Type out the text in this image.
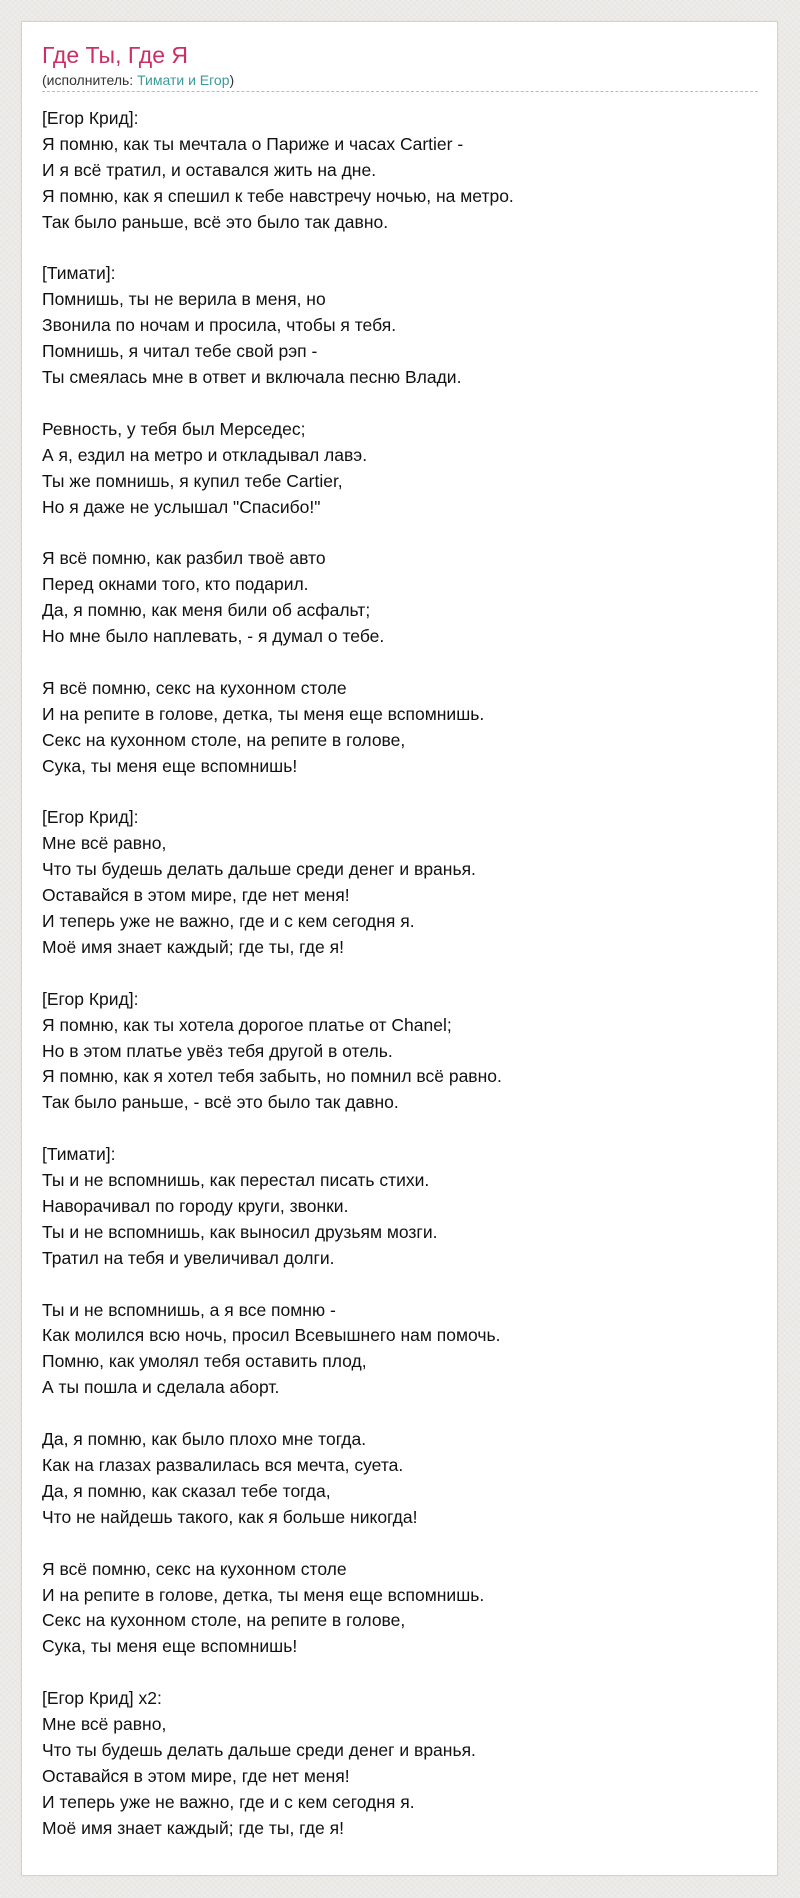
Где Ты, Где Я
(исполнитель: Тимати и Егор)
[Егор Крид]:
Я помню, как ты мечтала о Париже и часах Cartier -
И я всё тратил, и оставался жить на дне.
Я помню, как я спешил к тебе навстречу ночью, на метро.
Так было раньше, всё это было так давно.
[Тимати]:
Помнишь, ты не верила в меня, но
Звонила по ночам и просила, чтобы я тебя.
Помнишь, я читал тебе свой рэп -
Ты смеялась мне в ответ и включала песню Влади.
Ревность, у тебя был Мерседес;
А я, ездил на метро и откладывал лавэ.
Ты же помнишь, я купил тебе Cartier,
Но я даже не услышал "Спасибо!"
Я всё помню, как разбил твоё авто
Перед окнами того, кто подарил.
Да, я помню, как меня били об асфальт;
Но мне было наплевать, - я думал о тебе.
Я всё помню, секс на кухонном столе
И на репите в голове, детка, ты меня еще вспомнишь.
Секс на кухонном столе, на репите в голове,
Сука, ты меня еще вспомнишь!
[Егор Крид]:
Мне всё равно,
Что ты будешь делать дальше среди денег и вранья.
Оставайся в этом мире, где нет меня!
И теперь уже не важно, где и с кем сегодня я.
Моё имя знает каждый; где ты, где я!
[Егор Крид]:
Я помню, как ты хотела дорогое платье от Chanel;
Но в этом платье увёз тебя другой в отель.
Я помню, как я хотел тебя забыть, но помнил всё равно.
Так было раньше, - всё это было так давно.
[Тимати]:
Ты и не вспомнишь, как перестал писать стихи.
Наворачивал по городу круги, звонки.
Ты и не вспомнишь, как выносил друзьям мозги.
Тратил на тебя и увеличивал долги.
Ты и не вспомнишь, а я все помню -
Как молился всю ночь, просил Всевышнего нам помочь.
Помню, как умолял тебя оставить плод,
А ты пошла и сделала аборт.
Да, я помню, как было плохо мне тогда.
Как на глазах развалилась вся мечта, суета.
Да, я помню, как сказал тебе тогда,
Что не найдешь такого, как я больше никогда!
Я всё помню, секс на кухонном столе
И на репите в голове, детка, ты меня еще вспомнишь.
Секс на кухонном столе, на репите в голове,
Сука, ты меня еще вспомнишь!
[Егор Крид] x2:
Мне всё равно,
Что ты будешь делать дальше среди денег и вранья.
Оставайся в этом мире, где нет меня!
И теперь уже не важно, где и с кем сегодня я.
Моё имя знает каждый; где ты, где я!
